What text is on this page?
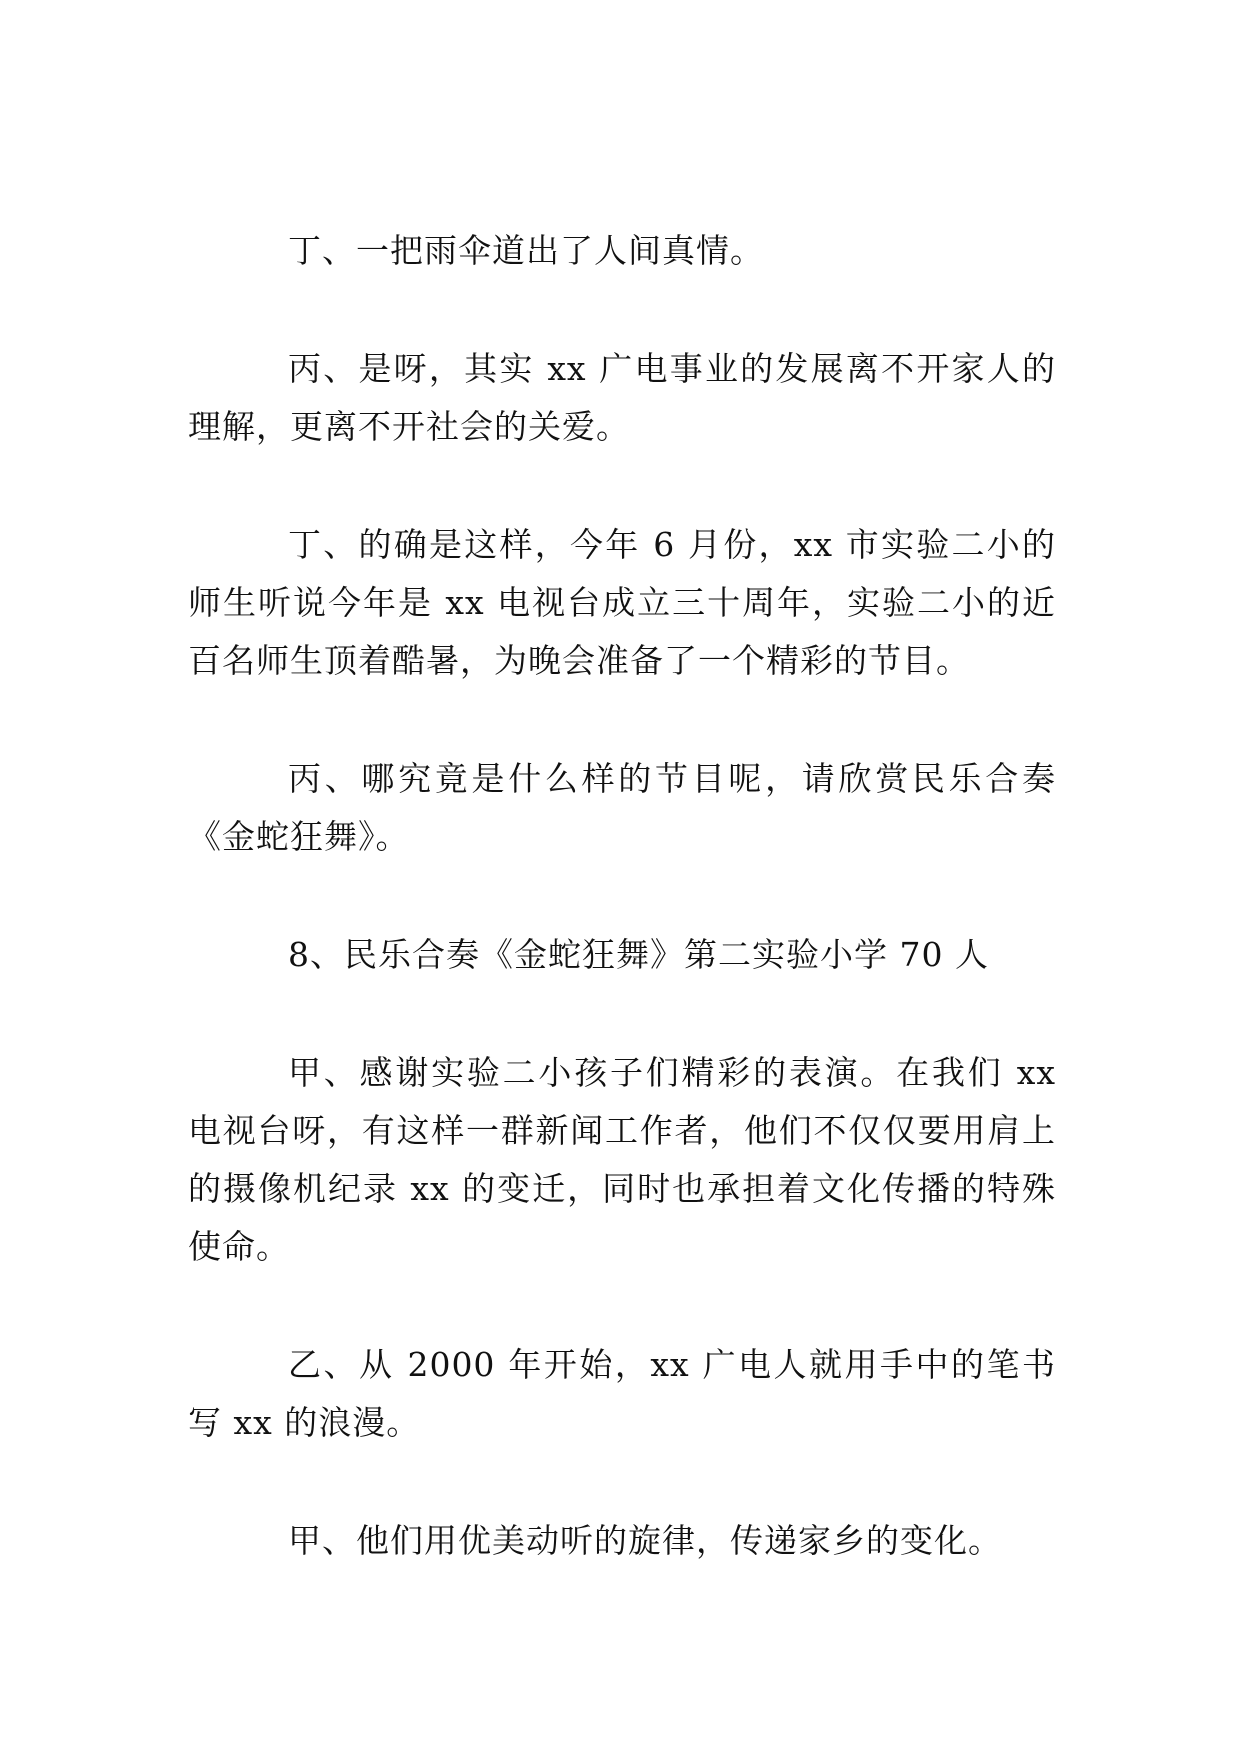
丁、一把雨伞道出了人间真情。

丙、是呀，其实 xx 广电事业的发展离不开家人的理解，更离不开社会的关爱。

丁、的确是这样，今年 6 月份，xx 市实验二小的师生听说今年是 xx 电视台成立三十周年，实验二小的近百名师生顶着酷暑，为晚会准备了一个精彩的节目。

丙、哪究竟是什么样的节目呢，请欣赏民乐合奏《金蛇狂舞》。

8、民乐合奏《金蛇狂舞》第二实验小学 70 人

甲、感谢实验二小孩子们精彩的表演。在我们 xx 电视台呀，有这样一群新闻工作者，他们不仅仅要用肩上的摄像机纪录 xx 的变迁，同时也承担着文化传播的特殊使命。

乙、从 2000 年开始，xx 广电人就用手中的笔书写 xx 的浪漫。

甲、他们用优美动听的旋律，传递家乡的变化。
